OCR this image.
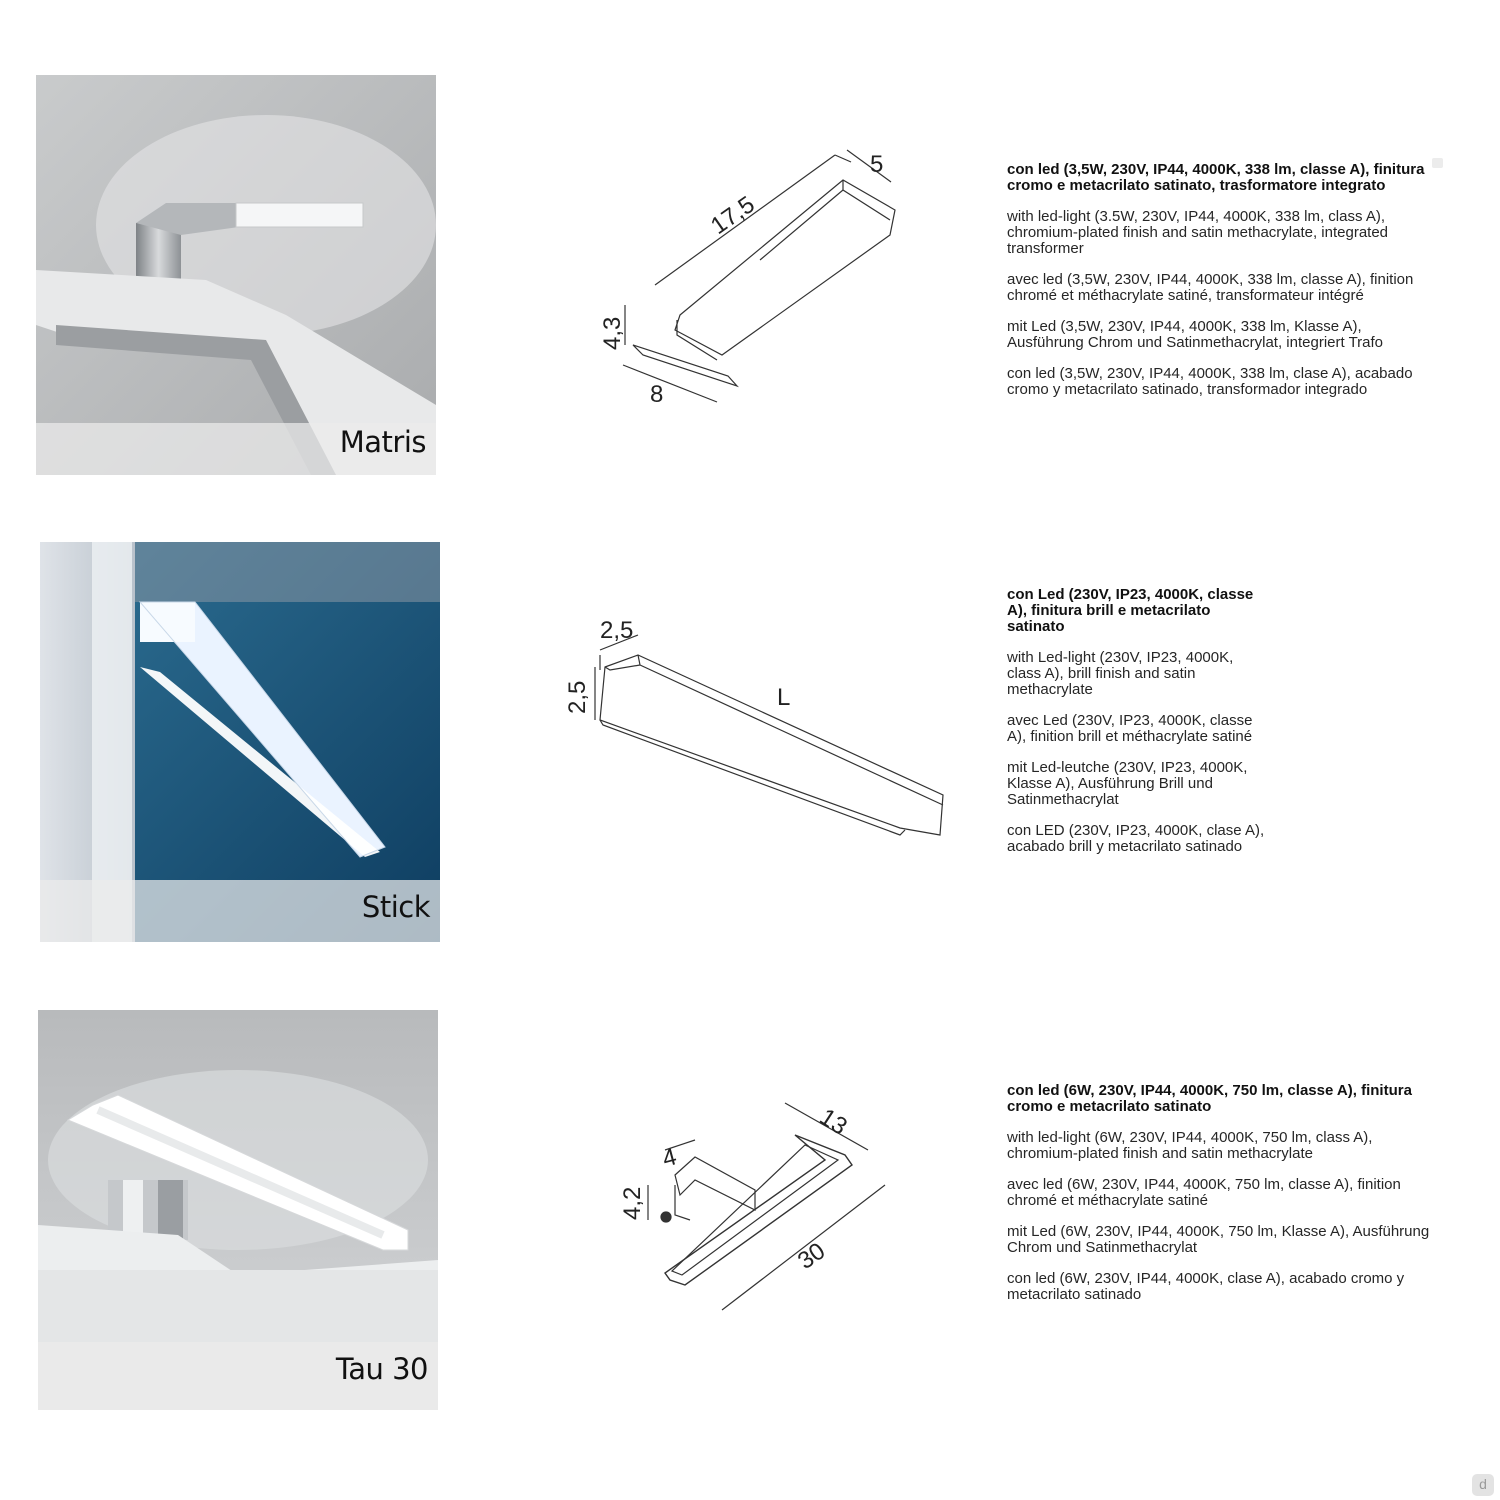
Matris
17,5
5
4,3
8

con led (3,5W, 230V, IP44, 4000K, 338 lm, classe A), finitura cromo e metacrilato satinato, trasformatore integrato

with led-light (3.5W, 230V, IP44, 4000K, 338 lm, class A), chromium-plated finish and satin methacrylate, integrated transformer

avec led (3,5W, 230V, IP44, 4000K, 338 lm, classe A), finition chromé et méthacrylate satiné, transformateur intégré

mit Led (3,5W, 230V, IP44, 4000K, 338 lm, Klasse A), Ausführung Chrom und Satinmethacrylat, integriert Trafo

con led (3,5W, 230V, IP44, 4000K, 338 lm, clase A), acabado cromo y metacrilato satinado, transformador integrado

Stick
2,5
2,5	L

con Led (230V, IP23, 4000K, classe A), finitura brill e metacrilato satinato

with Led-light (230V, IP23, 4000K, class A), brill finish and satin methacrylate

avec Led (230V, IP23, 4000K, classe A), finition brill et méthacrylate satiné

mit Led-leutche (230V, IP23, 4000K, Klasse A), Ausführung Brill und Satinmethacrylat

con LED (230V, IP23, 4000K, clase A), acabado brill y metacrilato satinado

Tau 30
13
4
4,2
30

con led (6W, 230V, IP44, 4000K, 750 lm, classe A), finitura cromo e metacrilato satinato

with led-light (6W, 230V, IP44, 4000K, 750 lm, class A), chromium-plated finish and satin methacrylate

avec led (6W, 230V, IP44, 4000K, 750 lm, classe A), finition chromé et méthacrylate satiné

mit Led (6W, 230V, IP44, 4000K, 750 lm, Klasse A), Ausführung Chrom und Satinmethacrylat

con led (6W, 230V, IP44, 4000K, clase A), acabado cromo y metacrilato satinado

d
